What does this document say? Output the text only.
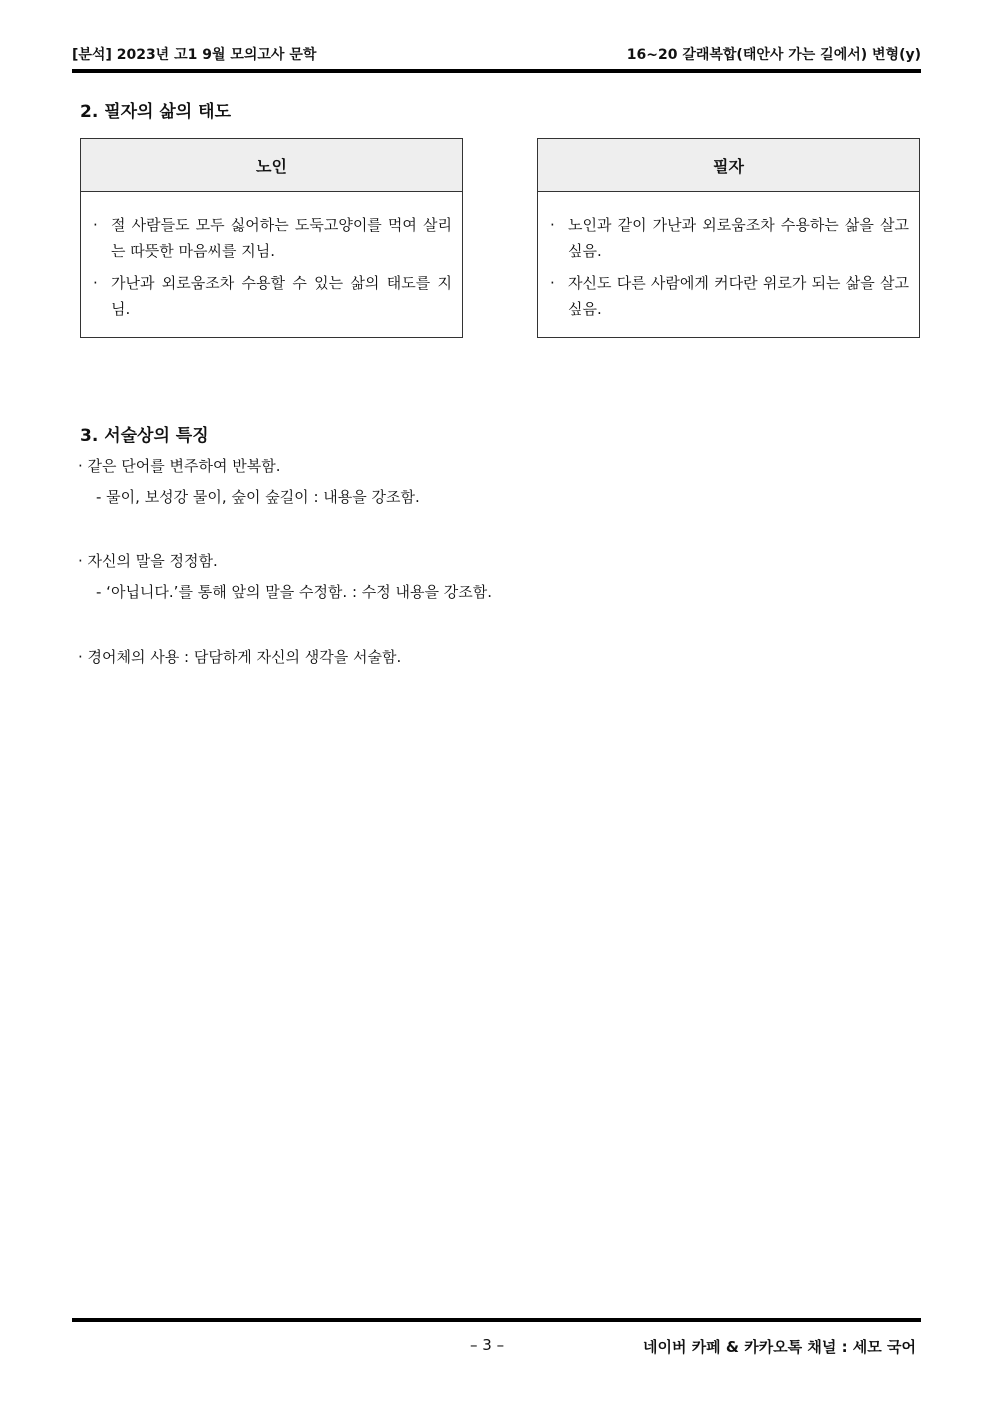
[분석] 2023년 고1 9월 모의고사 문학	16~20 갈래복합(태안사 가는 길에서) 변형(y)
2. 필자의 삶의 태도
노인
· 절 사람들도 모두 싫어하는 도둑고양이를 먹여 살리는 따뜻한 마음씨를 지님.
· 가난과 외로움조차 수용할 수 있는 삶의 태도를 지님.
필자
· 노인과 같이 가난과 외로움조차 수용하는 삶을 살고 싶음.
· 자신도 다른 사람에게 커다란 위로가 되는 삶을 살고 싶음.
3. 서술상의 특징
· 같은 단어를 변주하여 반복함.
- 물이, 보성강 물이, 숲이 숲길이 : 내용을 강조함.
· 자신의 말을 정정함.
- ‘아닙니다.’를 통해 앞의 말을 수정함. : 수정 내용을 강조함.
· 경어체의 사용 : 담담하게 자신의 생각을 서술함.
– 3 –	네이버 카페 & 카카오톡 채널 : 세모 국어
